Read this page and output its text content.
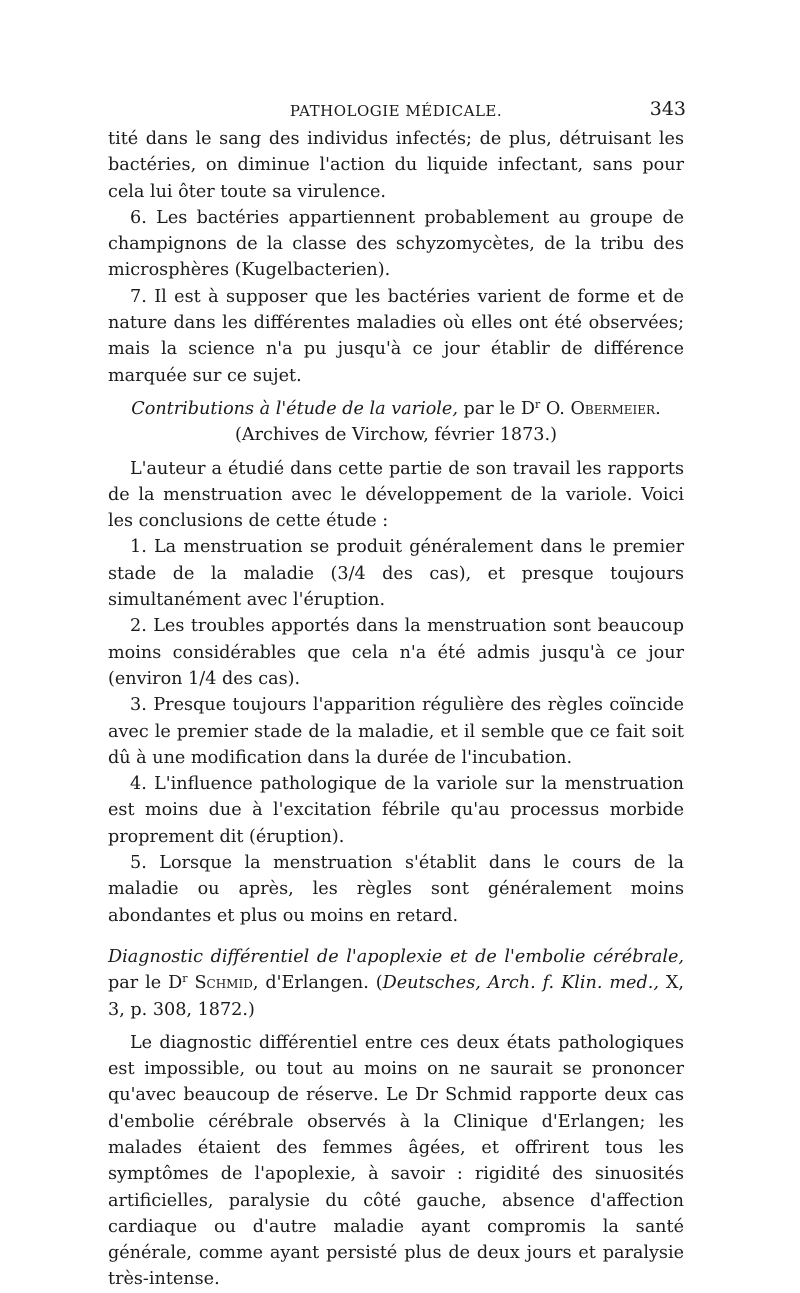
PATHOLOGIE MÉDICALE.	343

tité dans le sang des individus infectés; de plus, détruisant les bactéries, on diminue l'action du liquide infectant, sans pour cela lui ôter toute sa virulence.

6. Les bactéries appartiennent probablement au groupe de champignons de la classe des schyzomycètes, de la tribu des microsphères (Kugelbacterien).

7. Il est à supposer que les bactéries varient de forme et de nature dans les différentes maladies où elles ont été observées; mais la science n'a pu jusqu'à ce jour établir de différence marquée sur ce sujet.

Contributions à l'étude de la variole, par le $D^r$ O. Obermeier.
(Archives de Virchow, février 1873.)

L'auteur a étudié dans cette partie de son travail les rapports de la menstruation avec le développement de la variole. Voici les conclusions de cette étude :

1. La menstruation se produit généralement dans le premier stade de la maladie (3/4 des cas), et presque toujours simultanément avec l'éruption.

2. Les troubles apportés dans la menstruation sont beaucoup moins considérables que cela n'a été admis jusqu'à ce jour (environ 1/4 des cas).

3. Presque toujours l'apparition régulière des règles coïncide avec le premier stade de la maladie, et il semble que ce fait soit dû à une modification dans la durée de l'incubation.

4. L'influence pathologique de la variole sur la menstruation est moins due à l'excitation fébrile qu'au processus morbide proprement dit (éruption).

5. Lorsque la menstruation s'établit dans le cours de la maladie ou après, les règles sont généralement moins abondantes et plus ou moins en retard.

Diagnostic différentiel de l'apoplexie et de l'embolie cérébrale, par le $D^r$ Schmid, d'Erlangen. (Deutsches, Arch. f. Klin. med., X, 3, p. 308, 1872.)

Le diagnostic différentiel entre ces deux états pathologiques est impossible, ou tout au moins on ne saurait se prononcer qu'avec beaucoup de réserve. Le Dr Schmid rapporte deux cas d'embolie cérébrale observés à la Clinique d'Erlangen; les malades étaient des femmes âgées, et offrirent tous les symptômes de l'apoplexie, à savoir : rigidité des sinuosités artificielles, paralysie du côté gauche, absence d'affection cardiaque ou d'autre maladie ayant compromis la santé générale, comme ayant persisté plus de deux jours et paralysie très-intense.
